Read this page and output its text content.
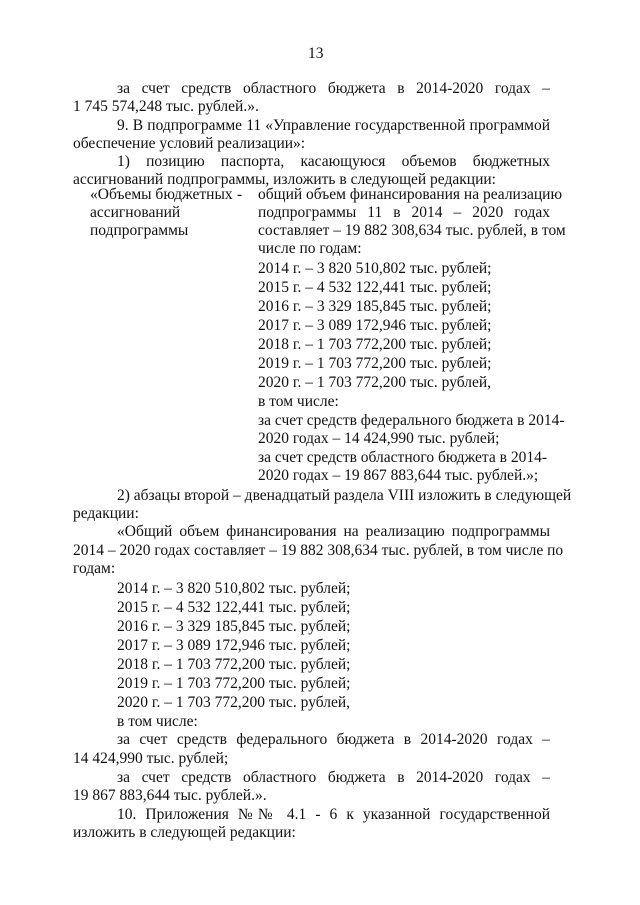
13
за счет средств областного бюджета в 2014-2020 годах –
1 745 574,248 тыс. рублей.».
9. В подпрограмме 11 «Управление государственной программой
обеспечение условий реализации»:
1) позицию паспорта, касающуюся объемов бюджетных
ассигнований подпрограммы, изложить в следующей редакции:
«Объемы бюджетных
ассигнований
подпрограммы
- общий объем финансирования на реализацию
подпрограммы 11 в 2014 – 2020 годах
составляет – 19 882 308,634 тыс. рублей, в том
числе по годам:
2014 г. – 3 820 510,802 тыс. рублей;
2015 г. – 4 532 122,441 тыс. рублей;
2016 г. – 3 329 185,845 тыс. рублей;
2017 г. – 3 089 172,946 тыс. рублей;
2018 г. – 1 703 772,200 тыс. рублей;
2019 г. – 1 703 772,200 тыс. рублей;
2020 г. – 1 703 772,200 тыс. рублей,
в том числе:
за счет средств федерального бюджета в 2014-
2020 годах – 14 424,990 тыс. рублей;
за счет средств областного бюджета в 2014-
2020 годах – 19 867 883,644 тыс. рублей.»;
2) абзацы второй – двенадцатый раздела VIII изложить в следующей
редакции:
«Общий объем финансирования на реализацию подпрограммы
2014 – 2020 годах составляет – 19 882 308,634 тыс. рублей, в том числе по
годам:
2014 г. – 3 820 510,802 тыс. рублей;
2015 г. – 4 532 122,441 тыс. рублей;
2016 г. – 3 329 185,845 тыс. рублей;
2017 г. – 3 089 172,946 тыс. рублей;
2018 г. – 1 703 772,200 тыс. рублей;
2019 г. – 1 703 772,200 тыс. рублей;
2020 г. – 1 703 772,200 тыс. рублей,
в том числе:
за счет средств федерального бюджета в 2014-2020 годах –
14 424,990 тыс. рублей;
за счет средств областного бюджета в 2014-2020 годах –
19 867 883,644 тыс. рублей.».
10. Приложения №№ 4.1 - 6 к указанной государственной
изложить в следующей редакции:
